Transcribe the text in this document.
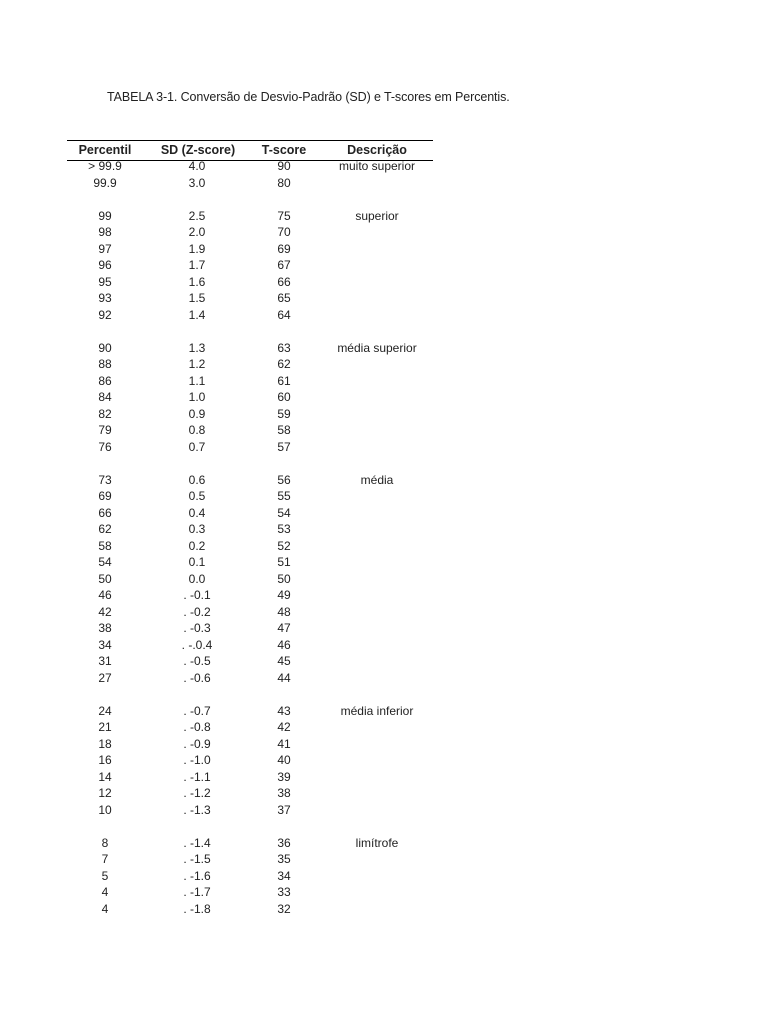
TABELA 3-1. Conversão de Desvio-Padrão (SD) e T-scores em Percentis.
Percentil	SD (Z-score)	T-score	Descrição
> 99.9	4.0	90	muito superior
99.9	3.0	80
99	2.5	75	superior
98	2.0	70
97	1.9	69
96	1.7	67
95	1.6	66
93	1.5	65
92	1.4	64
90	1.3	63	média superior
88	1.2	62
86	1.1	61
84	1.0	60
82	0.9	59
79	0.8	58
76	0.7	57
73	0.6	56	média
69	0.5	55
66	0.4	54
62	0.3	53
58	0.2	52
54	0.1	51
50	0.0	50
46	. -0.1	49
42	. -0.2	48
38	. -0.3	47
34	. -.0.4	46
31	. -0.5	45
27	. -0.6	44
24	. -0.7	43	média inferior
21	. -0.8	42
18	. -0.9	41
16	. -1.0	40
14	. -1.1	39
12	. -1.2	38
10	. -1.3	37
8	. -1.4	36	limítrofe
7	. -1.5	35
5	. -1.6	34
4	. -1.7	33
4	. -1.8	32
